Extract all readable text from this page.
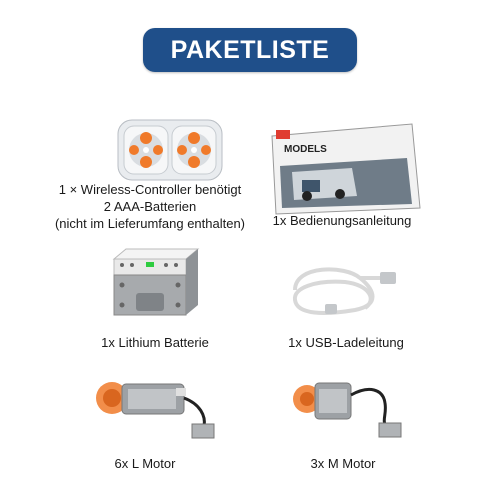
PAKETLISTE
1 × Wireless-Controller benötigt
2 AAA-Batterien
(nicht im Lieferumfang enthalten)
MODELS
1x Bedienungsanleitung
1x Lithium Batterie	1x USB-Ladeleitung
6x L Motor	3x M Motor
